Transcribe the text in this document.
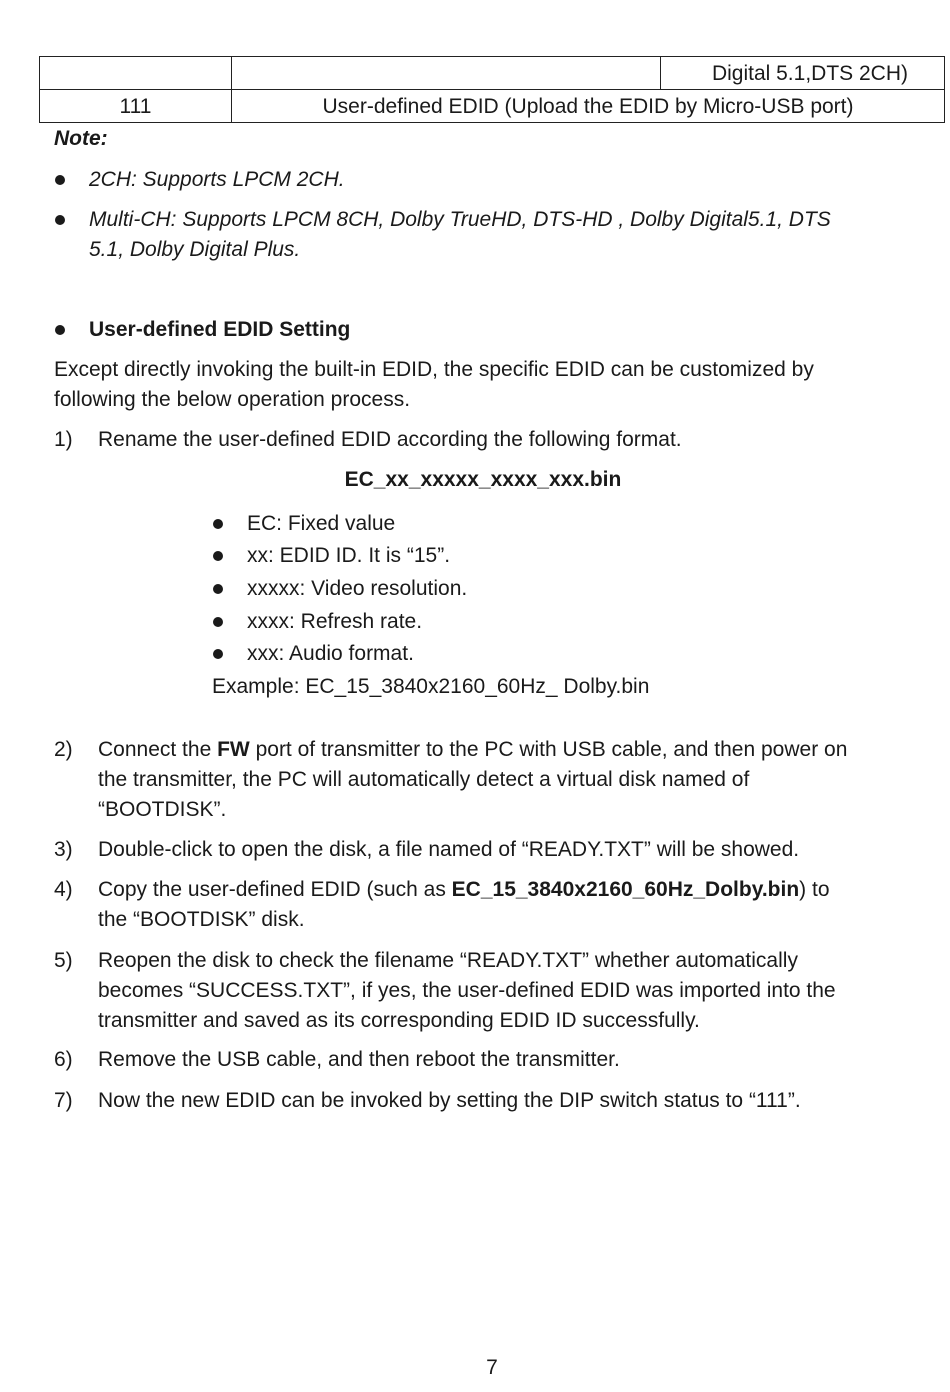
Digital 5.1,DTS 2CH)
111	User-defined EDID (Upload the EDID by Micro-USB port)
Note:
2CH: Supports LPCM 2CH.
Multi-CH: Supports LPCM 8CH, Dolby TrueHD, DTS-HD , Dolby Digital5.1, DTS
5.1, Dolby Digital Plus.
User-defined EDID Setting
Except directly invoking the built-in EDID, the specific EDID can be customized by
following the below operation process.
1) Rename the user-defined EDID according the following format.
EC_xx_xxxxx_xxxx_xxx.bin
EC: Fixed value
xx: EDID ID. It is “15”.
xxxxx: Video resolution.
xxxx: Refresh rate.
xxx: Audio format.
Example: EC_15_3840x2160_60Hz_ Dolby.bin
2) Connect the FW port of transmitter to the PC with USB cable, and then power on
the transmitter, the PC will automatically detect a virtual disk named of
“BOOTDISK”.
3) Double-click to open the disk, a file named of “READY.TXT” will be showed.
4) Copy the user-defined EDID (such as EC_15_3840x2160_60Hz_Dolby.bin) to
the “BOOTDISK” disk.
5) Reopen the disk to check the filename “READY.TXT” whether automatically
becomes “SUCCESS.TXT”, if yes, the user-defined EDID was imported into the
transmitter and saved as its corresponding EDID ID successfully.
6) Remove the USB cable, and then reboot the transmitter.
7) Now the new EDID can be invoked by setting the DIP switch status to “111”.
7
